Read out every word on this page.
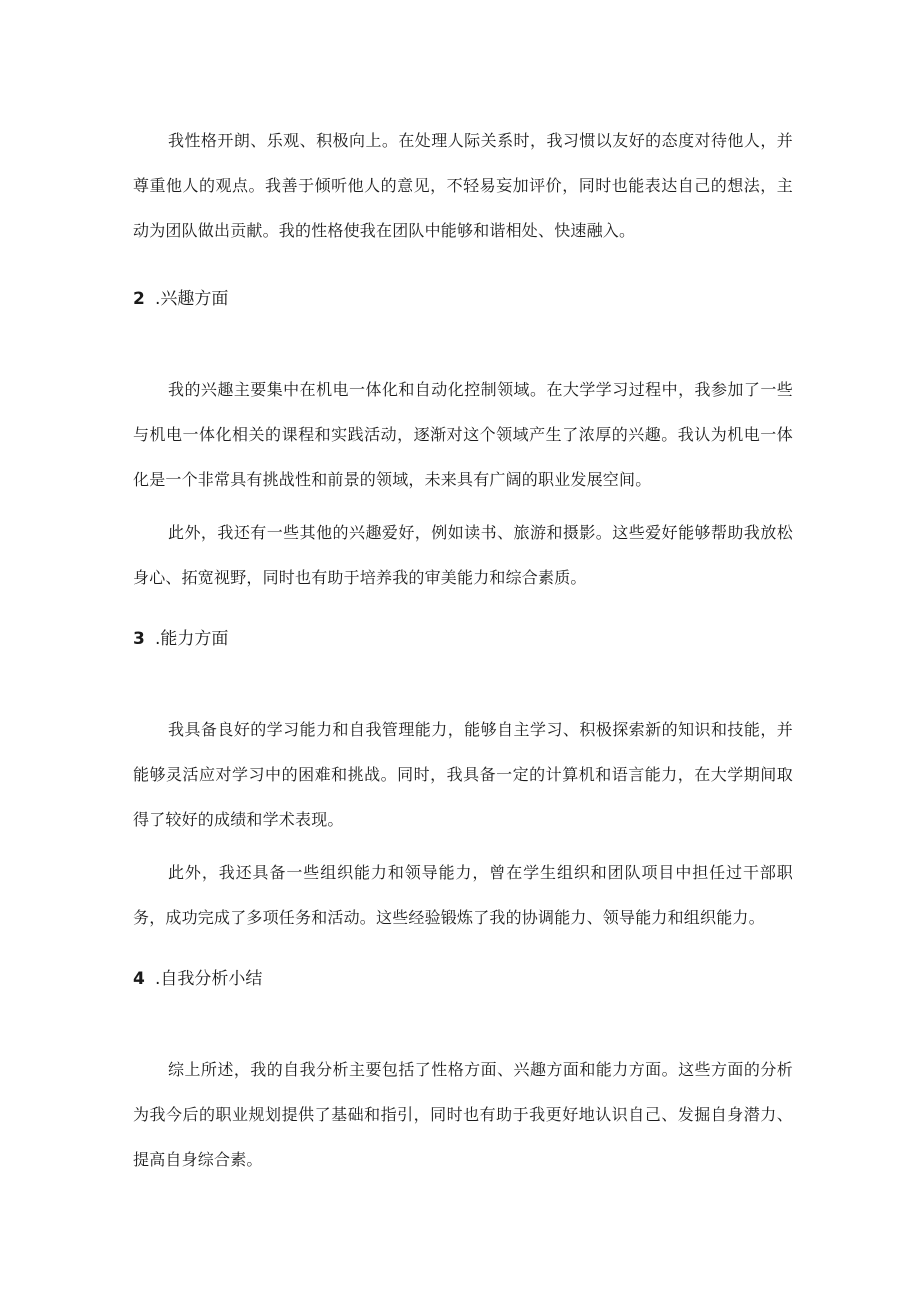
我性格开朗、乐观、积极向上。在处理人际关系时，我习惯以友好的态度对待他人，并尊重他人的观点。我善于倾听他人的意见，不轻易妄加评价，同时也能表达自己的想法，主动为团队做出贡献。我的性格使我在团队中能够和谐相处、快速融入。

2 .兴趣方面

我的兴趣主要集中在机电一体化和自动化控制领域。在大学学习过程中，我参加了一些与机电一体化相关的课程和实践活动，逐渐对这个领域产生了浓厚的兴趣。我认为机电一体化是一个非常具有挑战性和前景的领域，未来具有广阔的职业发展空间。

此外，我还有一些其他的兴趣爱好，例如读书、旅游和摄影。这些爱好能够帮助我放松身心、拓宽视野，同时也有助于培养我的审美能力和综合素质。

3 .能力方面

我具备良好的学习能力和自我管理能力，能够自主学习、积极探索新的知识和技能，并能够灵活应对学习中的困难和挑战。同时，我具备一定的计算机和语言能力，在大学期间取得了较好的成绩和学术表现。

此外，我还具备一些组织能力和领导能力，曾在学生组织和团队项目中担任过干部职务，成功完成了多项任务和活动。这些经验锻炼了我的协调能力、领导能力和组织能力。

4 .自我分析小结

综上所述，我的自我分析主要包括了性格方面、兴趣方面和能力方面。这些方面的分析为我今后的职业规划提供了基础和指引，同时也有助于我更好地认识自己、发掘自身潜力、提高自身综合素。
